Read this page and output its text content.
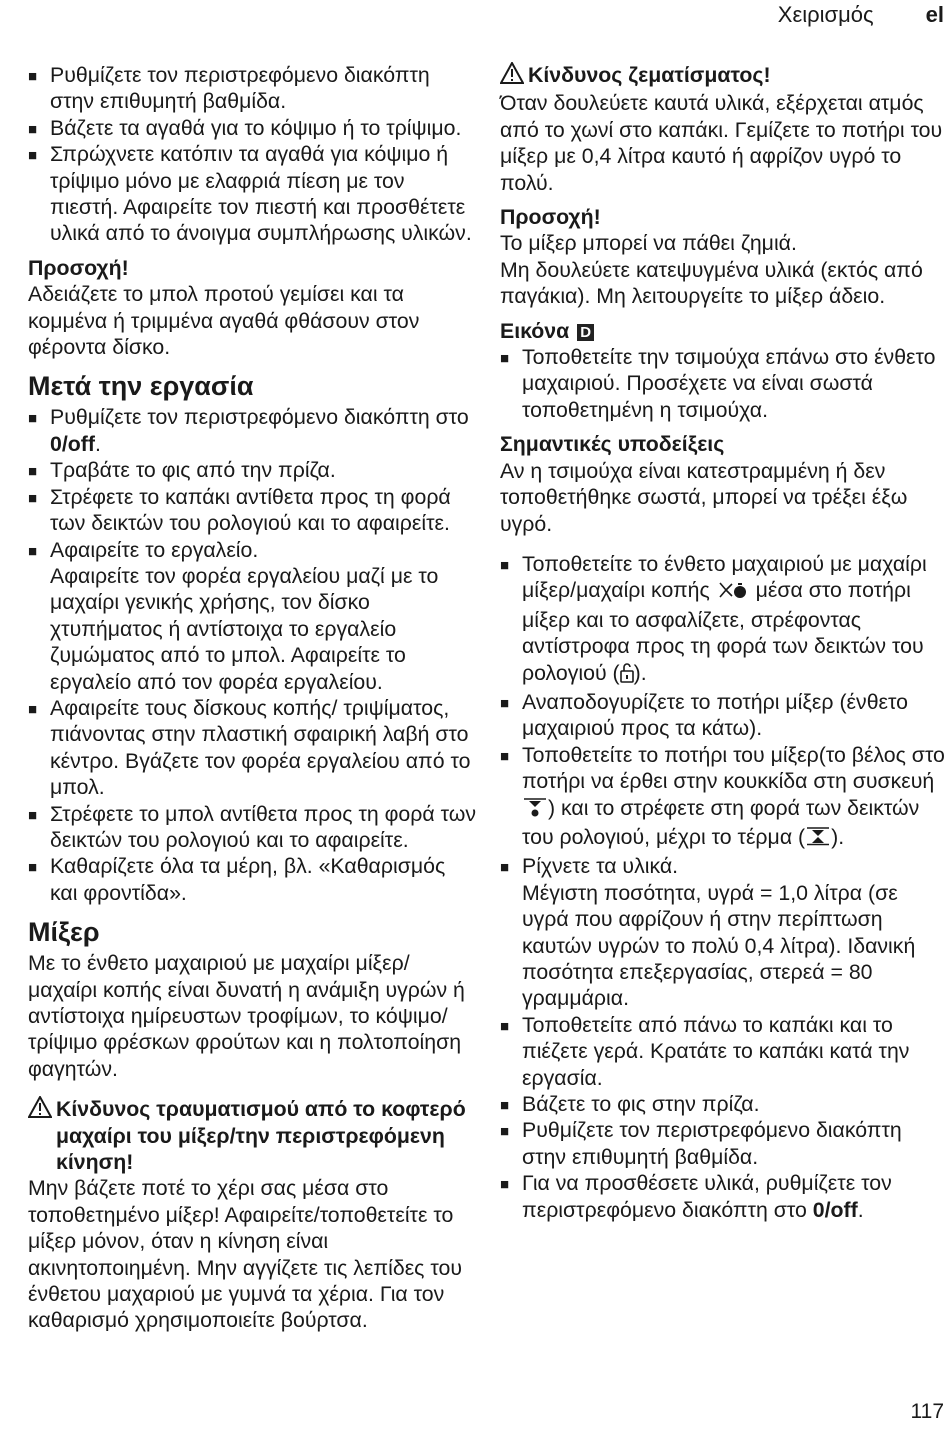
Χειρισμός el
■ Ρυθμίζετε τον περιστρεφόμενο διακόπτη στην επιθυμητή βαθμίδα.
■ Βάζετε τα αγαθά για το κόψιμο ή το τρίψιμο.
■ Σπρώχνετε κατόπιν τα αγαθά για κόψιμο ή τρίψιμο μόνο με ελαφριά πίεση με τον πιεστή. Αφαιρείτε τον πιεστή και προσθέτετε υλικά από το άνοιγμα συμπλήρωσης υλικών.

Προσοχή!

Αδειάζετε το μπολ προτού γεμίσει και τα κομμένα ή τριμμένα αγαθά φθάσουν στον φέροντα δίσκο.

Μετά την εργασία
■ Ρυθμίζετε τον περιστρεφόμενο διακόπτη στο 0/off.
■ Τραβάτε το φις από την πρίζα.
■ Στρέφετε το καπάκι αντίθετα προς τη φορά των δεικτών του ρολογιού και το αφαιρείτε.
■ Αφαιρείτε το εργαλείο.
Αφαιρείτε τον φορέα εργαλείου μαζί με το μαχαίρι γενικής χρήσης, τον δίσκο χτυπήματος ή αντίστοιχα το εργαλείο ζυμώματος από το μπολ. Αφαιρείτε το εργαλείο από τον φορέα εργαλείου.
■ Αφαιρείτε τους δίσκους κοπής/ τριψίματος, πιάνοντας στην πλαστική σφαιρική λαβή στο κέντρο. Βγάζετε τον φορέα εργαλείου από το μπολ.
■ Στρέφετε το μπολ αντίθετα προς τη φορά των δεικτών του ρολογιού και το αφαιρείτε.
■ Καθαρίζετε όλα τα μέρη, βλ. «Καθαρισμός και φροντίδα».
Μίξερ

Με το ένθετο μαχαιριού με μαχαίρι μίξερ/ μαχαίρι κοπής είναι δυνατή η ανάμιξη υγρών ή αντίστοιχα ημίρευστων τροφίμων, το κόψιμο/τρίψιμο φρέσκων φρούτων και η πολτοποίηση φαγητών.

Κίνδυνος τραυματισμού από το κοφτερό μαχαίρι του μίξερ/την περιστρεφόμενη κίνηση!

Μην βάζετε ποτέ το χέρι σας μέσα στο τοποθετημένο μίξερ! Αφαιρείτε/τοποθετείτε το μίξερ μόνον, όταν η κίνηση είναι ακινητοποιημένη. Μην αγγίζετε τις λεπίδες του ένθετου μαχαριού με γυμνά τα χέρια. Για τον καθαρισμό χρησιμοποιείτε βούρτσα.

Κίνδυνος ζεματίσματος!

Όταν δουλεύετε καυτά υλικά, εξέρχεται ατμός από το χωνί στο καπάκι. Γεμίζετε το ποτήρι του μίξερ με 0,4 λίτρα καυτό ή αφρίζον υγρό το πολύ.

Προσοχή!

Το μίξερ μπορεί να πάθει ζημιά.

Μη δουλεύετε κατεψυγμένα υλικά (εκτός από παγάκια). Μη λειτουργείτε το μίξερ άδειο.

Εικόνα D

■ Τοποθετείτε την τσιμούχα επάνω στο ένθετο μαχαιριού. Προσέχετε να είναι σωστά τοποθετημένη η τσιμούχα.

Σημαντικές υποδείξεις

Αν η τσιμούχα είναι κατεστραμμένη ή δεν τοποθετήθηκε σωστά, μπορεί να τρέξει έξω υγρό.

■ Τοποθετείτε το ένθετο μαχαιριού με μαχαίρι μίξερ/μαχαίρι κοπής  μέσα στο ποτήρι μίξερ και το ασφαλίζετε, στρέφοντας αντίστροφα προς τη φορά των δεικτών του ρολογιού ( ).
■ Αναποδογυρίζετε το ποτήρι μίξερ (ένθετο μαχαιριού προς τα κάτω).
■ Τοποθετείτε το ποτήρι του μίξερ(το βέλος στο ποτήρι να έρθει στην κουκκίδα στη συσκευή ) και το στρέφετε στη φορά των δεικτών του ρολογιού, μέχρι το τέρμα ( ).
■ Ρίχνετε τα υλικά.
Μέγιστη ποσότητα, υγρά = 1,0 λίτρα (σε υγρά που αφρίζουν ή στην περίπτωση καυτών υγρών το πολύ 0,4 λίτρα). Ιδανική ποσότητα επεξεργασίας, στερεά = 80 γραμμάρια.
■ Τοποθετείτε από πάνω το καπάκι και το πιέζετε γερά. Κρατάτε το καπάκι κατά την εργασία.
■ Βάζετε το φις στην πρίζα.
■ Ρυθμίζετε τον περιστρεφόμενο διακόπτη στην επιθυμητή βαθμίδα.
■ Για να προσθέσετε υλικά, ρυθμίζετε τον περιστρεφόμενο διακόπτη στο 0/off.
117
